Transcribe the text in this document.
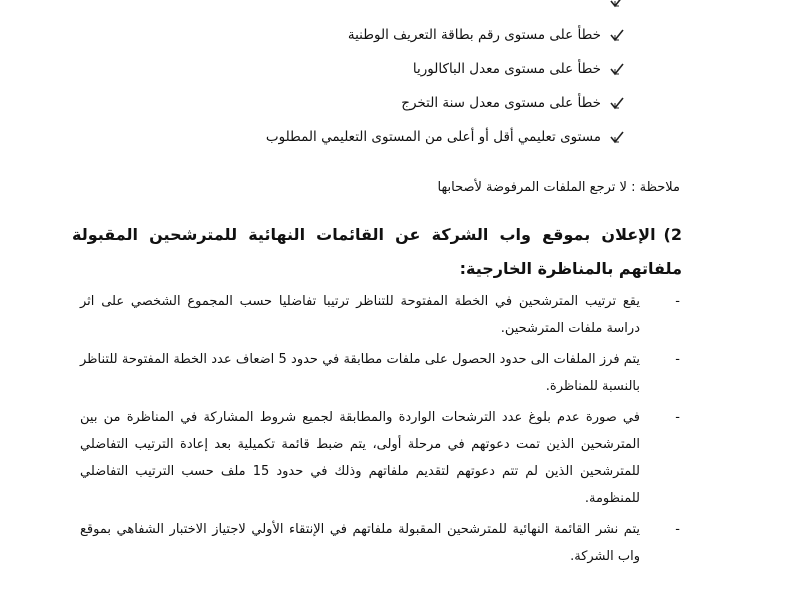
خطأ على مستوى رقم بطاقة التعريف الوطنية
خطأ على مستوى معدل الباكالوريا
خطأ على مستوى معدل سنة التخرج
مستوى تعليمي أقل أو أعلى من المستوى التعليمي المطلوب
ملاحظة : لا ترجع الملفات المرفوضة لأصحابها
2)الإعلان بموقع واب الشركة عن القائمات النهائية للمترشحين المقبولة ملفاتهم بالمناظرة الخارجية:
-
يقع ترتيب المترشحين في الخطة المفتوحة للتناظر ترتيبا تفاضليا حسب المجموع الشخصي على اثر دراسة ملفات المترشحين.
-
يتم فرز الملفات الى حدود الحصول على ملفات مطابقة في حدود 5 اضعاف عدد الخطة المفتوحة للتناظر بالنسبة للمناظرة.
-
في صورة عدم بلوغ عدد الترشحات الواردة والمطابقة لجميع شروط المشاركة في المناظرة من بين المترشحين الذين تمت دعوتهم في مرحلة أولى، يتم ضبط قائمة تكميلية بعد إعادة الترتيب التفاضلي للمترشحين الذين لم تتم دعوتهم لتقديم ملفاتهم وذلك في حدود 15 ملف حسب الترتيب التفاضلي للمنظومة.
-
يتم نشر القائمة النهائية للمترشحين المقبولة ملفاتهم في الإنتقاء الأولي لاجتياز الاختبار الشفاهي بموقع واب الشركة.
